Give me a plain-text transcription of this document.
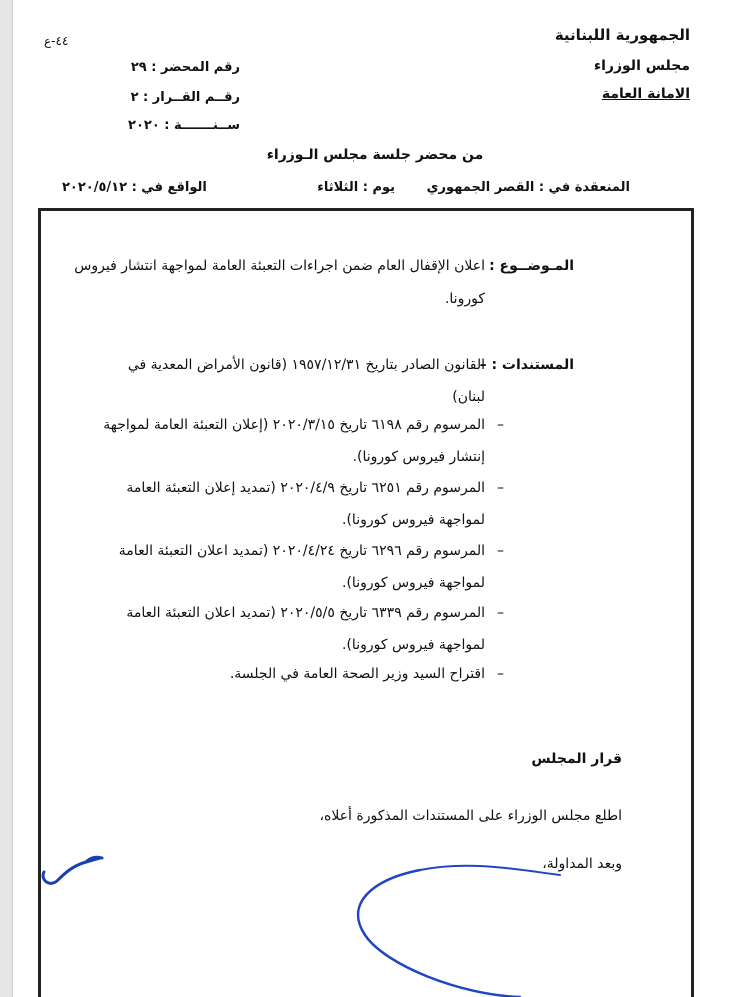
الجمهورية اللبنانية
مجلس الوزراء
الامانة العامة
٤٤-ع
رقم المحضر : ٢٩
رقــم القــرار : ٢
ســنـــــــة : ٢٠٢٠
من محضر جلسة مجلس الـوزراء
المنعقدة في : القصر الجمهوري
يوم : الثلاثاء
الواقع في : ٢٠٢٠/٥/١٢
المـوضــوع :
اعلان الإقفال العام ضمن اجراءات التعبئة العامة لمواجهة انتشار فيروس
كورونا.
المستندات : –
القانون الصادر بتاريخ ١٩٥٧/١٢/٣١ (قانون الأمراض المعدية في
لبنان)
–
المرسوم رقم ٦١٩٨ تاريخ ٢٠٢٠/٣/١٥ (إعلان التعبئة العامة لمواجهة
إنتشار فيروس كورونا).
–
المرسوم رقم ٦٢٥١ تاريخ ٢٠٢٠/٤/٩ (تمديد إعلان التعبئة العامة
لمواجهة فيروس كورونا).
–
المرسوم رقم ٦٢٩٦ تاريخ ٢٠٢٠/٤/٢٤ (تمديد اعلان التعبئة العامة
لمواجهة فيروس كورونا).
–
المرسوم رقم ٦٣٣٩ تاريخ ٢٠٢٠/٥/٥ (تمديد اعلان التعبئة العامة
لمواجهة فيروس كورونا).
–
اقتراح السيد وزير الصحة العامة في الجلسة.
قرار المجلس
اطلع مجلس الوزراء على المستندات المذكورة أعلاه،
وبعد المداولة،
